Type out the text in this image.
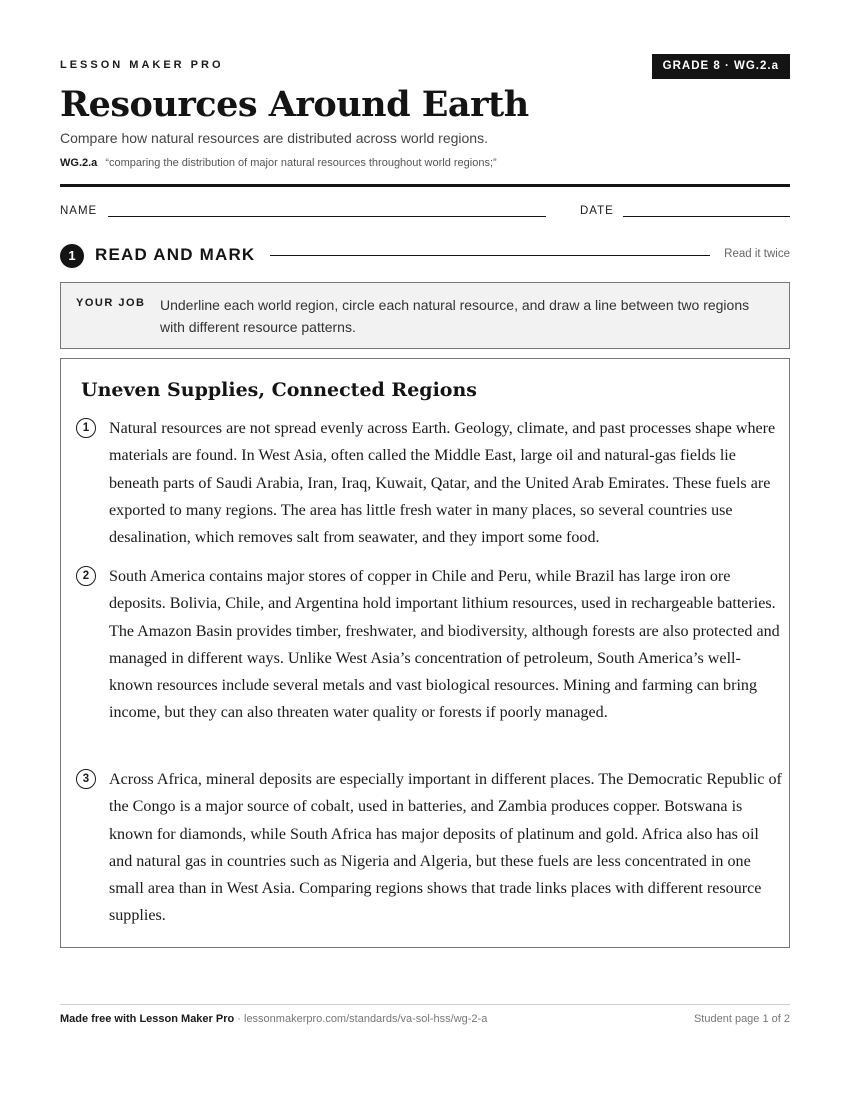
LESSON MAKER PRO	GRADE 8 · WG.2.a
Resources Around Earth
Compare how natural resources are distributed across world regions.
WG.2.a “comparing the distribution of major natural resources throughout world regions;”
NAME	DATE
1	READ AND MARK	Read it twice
YOUR JOB Underline each world region, circle each natural resource, and draw a line between two regions with different resource patterns.
Uneven Supplies, Connected Regions
1	Natural resources are not spread evenly across Earth. Geology, climate, and past processes shape where materials are found. In West Asia, often called the Middle East, large oil and natural-gas fields lie beneath parts of Saudi Arabia, Iran, Iraq, Kuwait, Qatar, and the United Arab Emirates. These fuels are exported to many regions. The area has little fresh water in many places, so several countries use desalination, which removes salt from seawater, and they import some food.

2	South America contains major stores of copper in Chile and Peru, while Brazil has large iron ore deposits. Bolivia, Chile, and Argentina hold important lithium resources, used in rechargeable batteries. The Amazon Basin provides timber, freshwater, and biodiversity, although forests are also protected and managed in different ways. Unlike West Asia’s concentration of petroleum, South America’s well-known resources include several metals and vast biological resources. Mining and farming can bring income, but they can also threaten water quality or forests if poorly managed.

3	Across Africa, mineral deposits are especially important in different places. The Democratic Republic of the Congo is a major source of cobalt, used in batteries, and Zambia produces copper. Botswana is known for diamonds, while South Africa has major deposits of platinum and gold. Africa also has oil and natural gas in countries such as Nigeria and Algeria, but these fuels are less concentrated in one small area than in West Asia. Comparing regions shows that trade links places with different resource supplies.

Made free with Lesson Maker Pro · lessonmakerpro.com/standards/va-sol-hss/wg-2-a	Student page 1 of 2
